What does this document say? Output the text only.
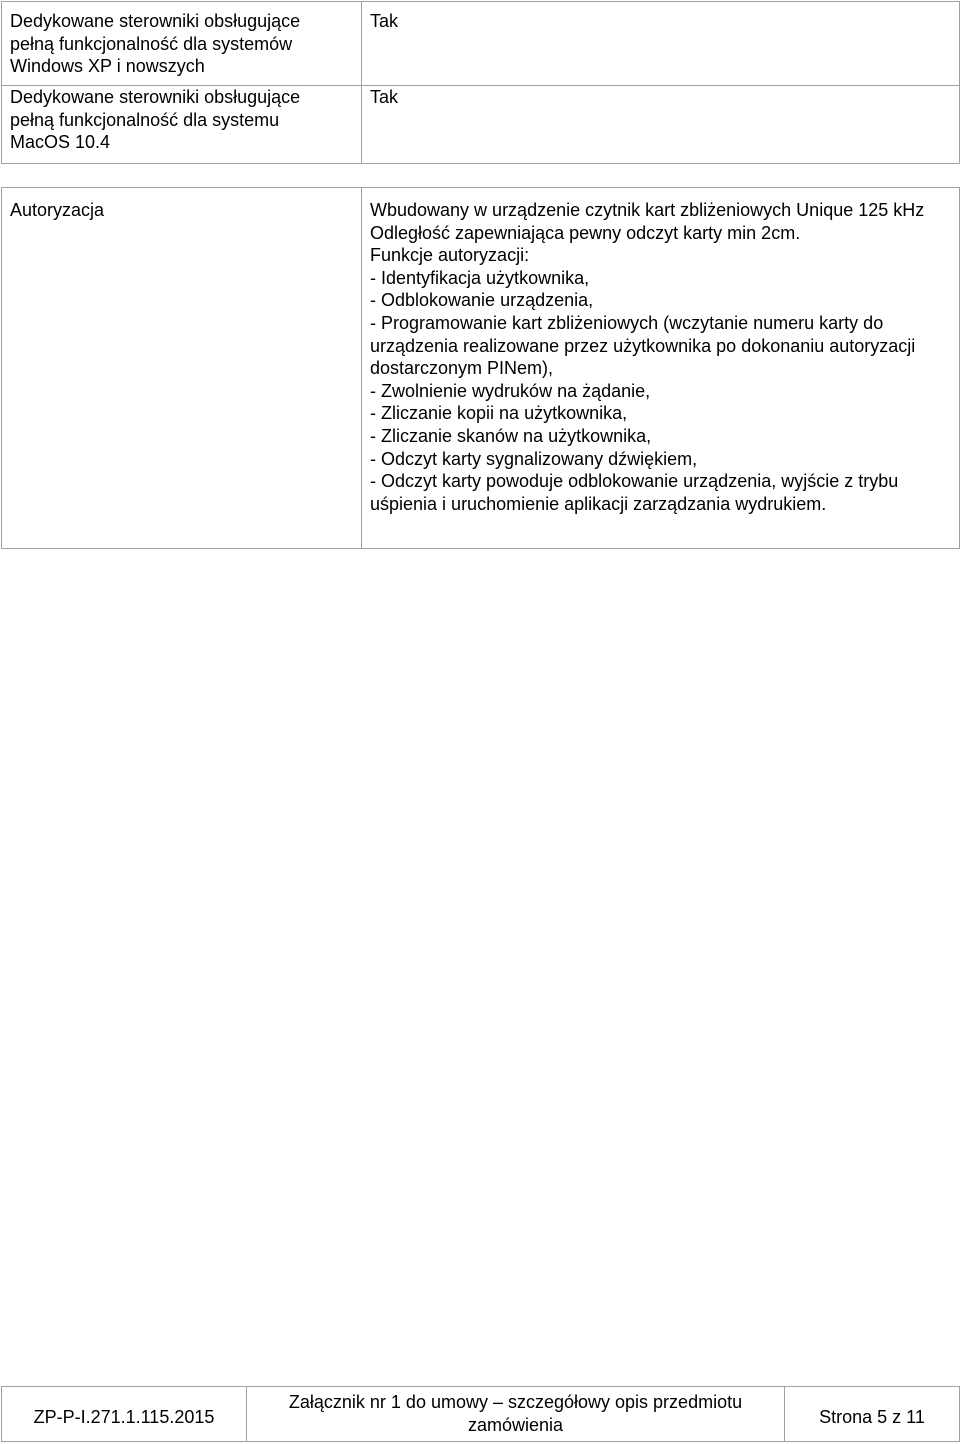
Dedykowane sterowniki obsługujące pełną funkcjonalność dla systemów Windows XP i nowszych	Tak

Dedykowane sterowniki obsługujące pełną funkcjonalność dla systemu MacOS 10.4	Tak
Autoryzacja	Wbudowany w urządzenie czytnik kart zbliżeniowych Unique 125 kHz
Odległość zapewniająca pewny odczyt karty min 2cm.
Funkcje autoryzacji:
- Identyfikacja użytkownika,
- Odblokowanie urządzenia,
- Programowanie kart zbliżeniowych (wczytanie numeru karty do urządzenia realizowane przez użytkownika po dokonaniu autoryzacji dostarczonym PINem),
- Zwolnienie wydruków na żądanie,
- Zliczanie kopii na użytkownika,
- Zliczanie skanów na użytkownika,
- Odczyt karty sygnalizowany dźwiękiem,
- Odczyt karty powoduje odblokowanie urządzenia, wyjście z trybu uśpienia i uruchomienie aplikacji zarządzania wydrukiem.
ZP-P-I.271.1.115.2015	Załącznik nr 1 do umowy – szczegółowy opis przedmiotu zamówienia	Strona 5 z 11
